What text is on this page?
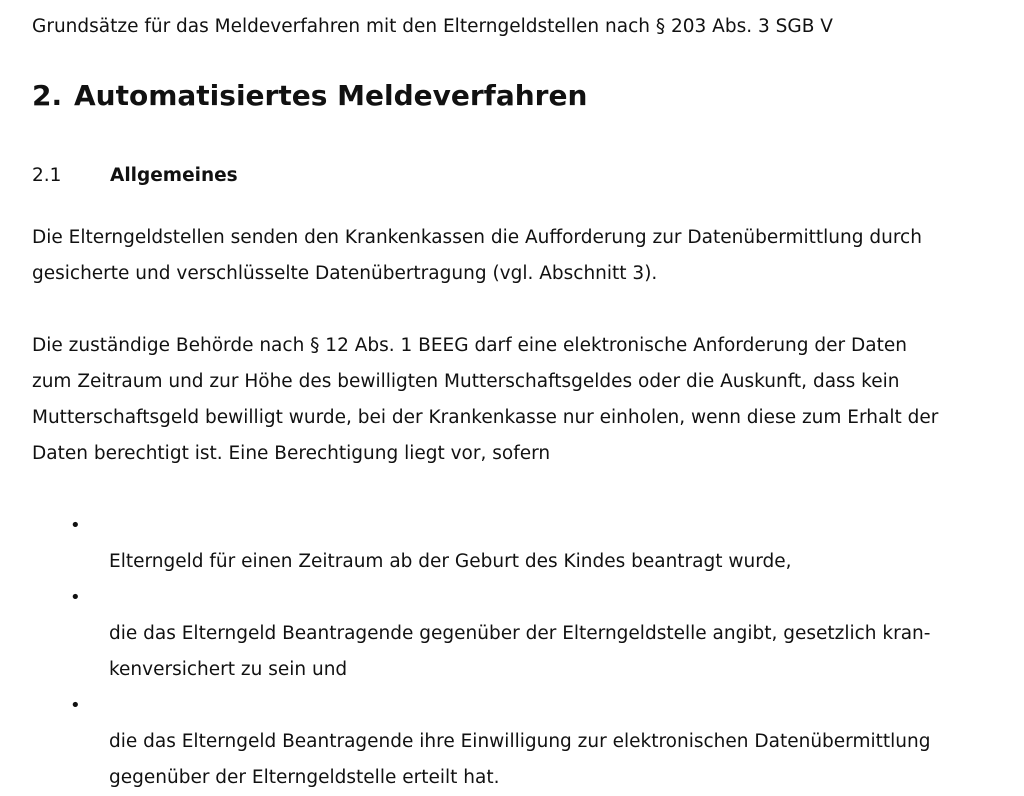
Grundsätze für das Meldeverfahren mit den Elterngeldstellen nach § 203 Abs. 3 SGB V
2. Automatisiertes Meldeverfahren
2.1	Allgemeines

Die Elterngeldstellen senden den Krankenkassen die Aufforderung zur Datenübermittlung durch
gesicherte und verschlüsselte Datenübertragung (vgl. Abschnitt 3).

Die zuständige Behörde nach § 12 Abs. 1 BEEG darf eine elektronische Anforderung der Daten
zum Zeitraum und zur Höhe des bewilligten Mutterschaftsgeldes oder die Auskunft, dass kein
Mutterschaftsgeld bewilligt wurde, bei der Krankenkasse nur einholen, wenn diese zum Erhalt der
Daten berechtigt ist. Eine Berechtigung liegt vor, sofern

•
Elterngeld für einen Zeitraum ab der Geburt des Kindes beantragt wurde,

•
die das Elterngeld Beantragende gegenüber der Elterngeldstelle angibt, gesetzlich kran-
kenversichert zu sein und

•
die das Elterngeld Beantragende ihre Einwilligung zur elektronischen Datenübermittlung
gegenüber der Elterngeldstelle erteilt hat.
